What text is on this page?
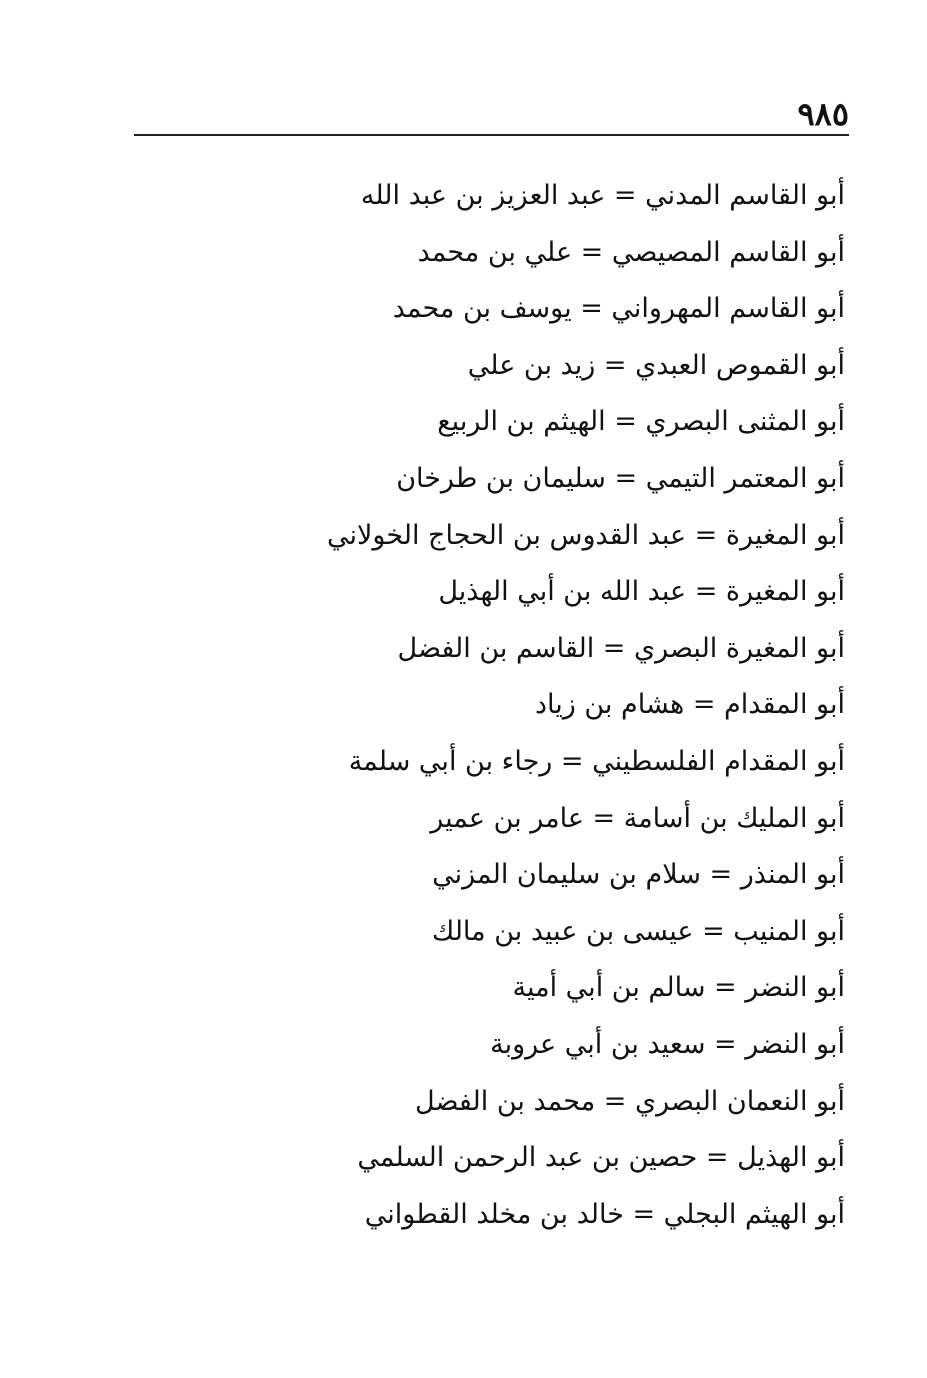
٩٨٥
أبو القاسم المدني = عبد العزيز بن عبد الله
أبو القاسم المصيصي = علي بن محمد
أبو القاسم المهرواني = يوسف بن محمد
أبو القموص العبدي = زيد بن علي
أبو المثنى البصري = الهيثم بن الربيع
أبو المعتمر التيمي = سليمان بن طرخان
أبو المغيرة = عبد القدوس بن الحجاج الخولاني
أبو المغيرة = عبد الله بن أبي الهذيل
أبو المغيرة البصري = القاسم بن الفضل
أبو المقدام = هشام بن زياد
أبو المقدام الفلسطيني = رجاء بن أبي سلمة
أبو المليك بن أسامة = عامر بن عمير
أبو المنذر = سلام بن سليمان المزني
أبو المنيب = عيسى بن عبيد بن مالك
أبو النضر = سالم بن أبي أمية
أبو النضر = سعيد بن أبي عروبة
أبو النعمان البصري = محمد بن الفضل
أبو الهذيل = حصين بن عبد الرحمن السلمي
أبو الهيثم البجلي = خالد بن مخلد القطواني
